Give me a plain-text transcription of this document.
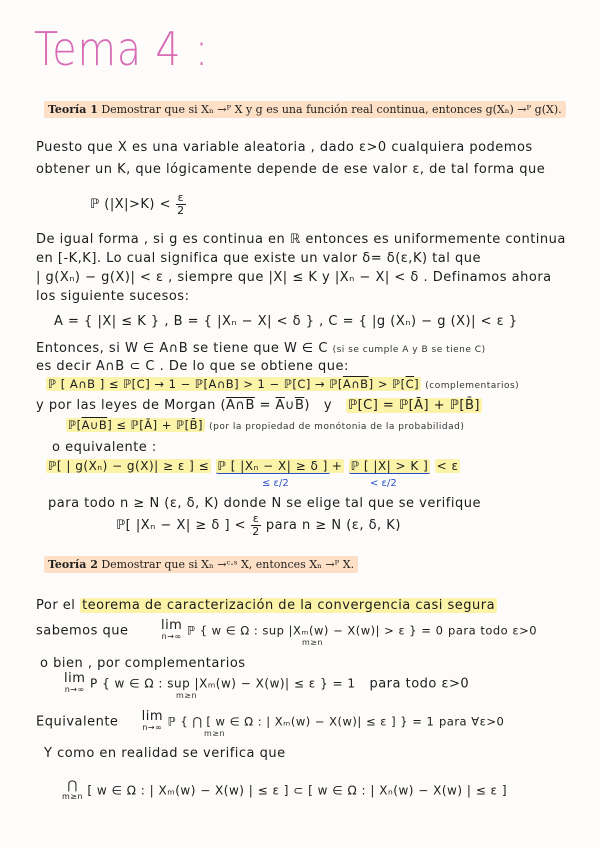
Tema 4 :
Teoría 1 Demostrar que si Xₙ →ᴾ X y g es una función real continua, entonces g(Xₙ) →ᴾ g(X).
Puesto que X es una variable aleatoria , dado ε>0 cualquiera podemos
obtener un K, que lógicamente depende de ese valor ε, de tal forma que
ℙ $(|X|>K) < \frac{\varepsilon}{2}$
De igual forma , si g es continua en ℝ entonces es uniformemente continua
en [-K,K]. Lo cual significa que existe un valor δ= δ(ε,K) tal que
| g(Xₙ) − g(X)| < ε , siempre que |X| ≤ K y |Xₙ − X| < δ . Definamos ahora
los siguiente sucesos:
A = { |X| ≤ K } , B = { |Xₙ − X| < δ } , C = { |g (Xₙ) − g (X)| < ε }
Entonces, si W ∈ A∩B se tiene que W ∈ C (si se cumple A y B se tiene C)
es decir A∩B ⊂ C . De lo que se obtiene que:
ℙ [ A∩B ] ≤ ℙ[C] → 1 − ℙ[A∩B] > 1 − ℙ[C] → ℙ[A∩B] > $ℙ[\overline{C}]$ (complementarios)
y por las leyes de Morgan (A∩B = $\overline{A}\cup\overline{B}$) y ℙ[C] = ℙ[Ā] + ℙ[B̄]
ℙ[A∪B] ≤ ℙ[Ā] + ℙ[B̄] (por la propiedad de monótonia de la probabilidad)
o equivalente :
ℙ[ | g(Xₙ) − g(X)| ≥ ε ] ≤ ℙ [ |Xₙ − X| ≥ δ ] + ℙ [ |X| > K ] < ε
≤ ε/2	< ε/2
para todo n ≥ N (ε, δ, K) donde N se elige tal que se verifique
ℙ[ |Xₙ − X| ≥ δ ] < $\frac{\varepsilon}{2}$ para n ≥ N (ε, δ, K)
Teoría 2 Demostrar que si Xₙ →ᶜ·ˢ X, entonces Xₙ →ᴾ X.
Por el teorema de caracterización de la convergencia casi segura
sabemos que lim
n→∞ ℙ { w ∈ Ω : sup |Xₘ(w) − X(w)| > ε } = 0 para todo ε>0
m≥n
o bien , por complementarios
lim
n→∞ P { w ∈ Ω : sup |Xₘ(w) − X(w)| ≤ ε } = 1 para todo ε>0
m≥n
Equivalente lim
n→∞ ℙ { ⋂ [ w ∈ Ω : | Xₘ(w) − X(w)| ≤ ε ] } = 1 para ∀ε>0
m≥n
Y como en realidad se verifica que
⋂
m≥n [ w ∈ Ω : | Xₘ(w) − X(w) | ≤ ε ] ⊂ [ w ∈ Ω : | Xₙ(w) − X(w) | ≤ ε ]
